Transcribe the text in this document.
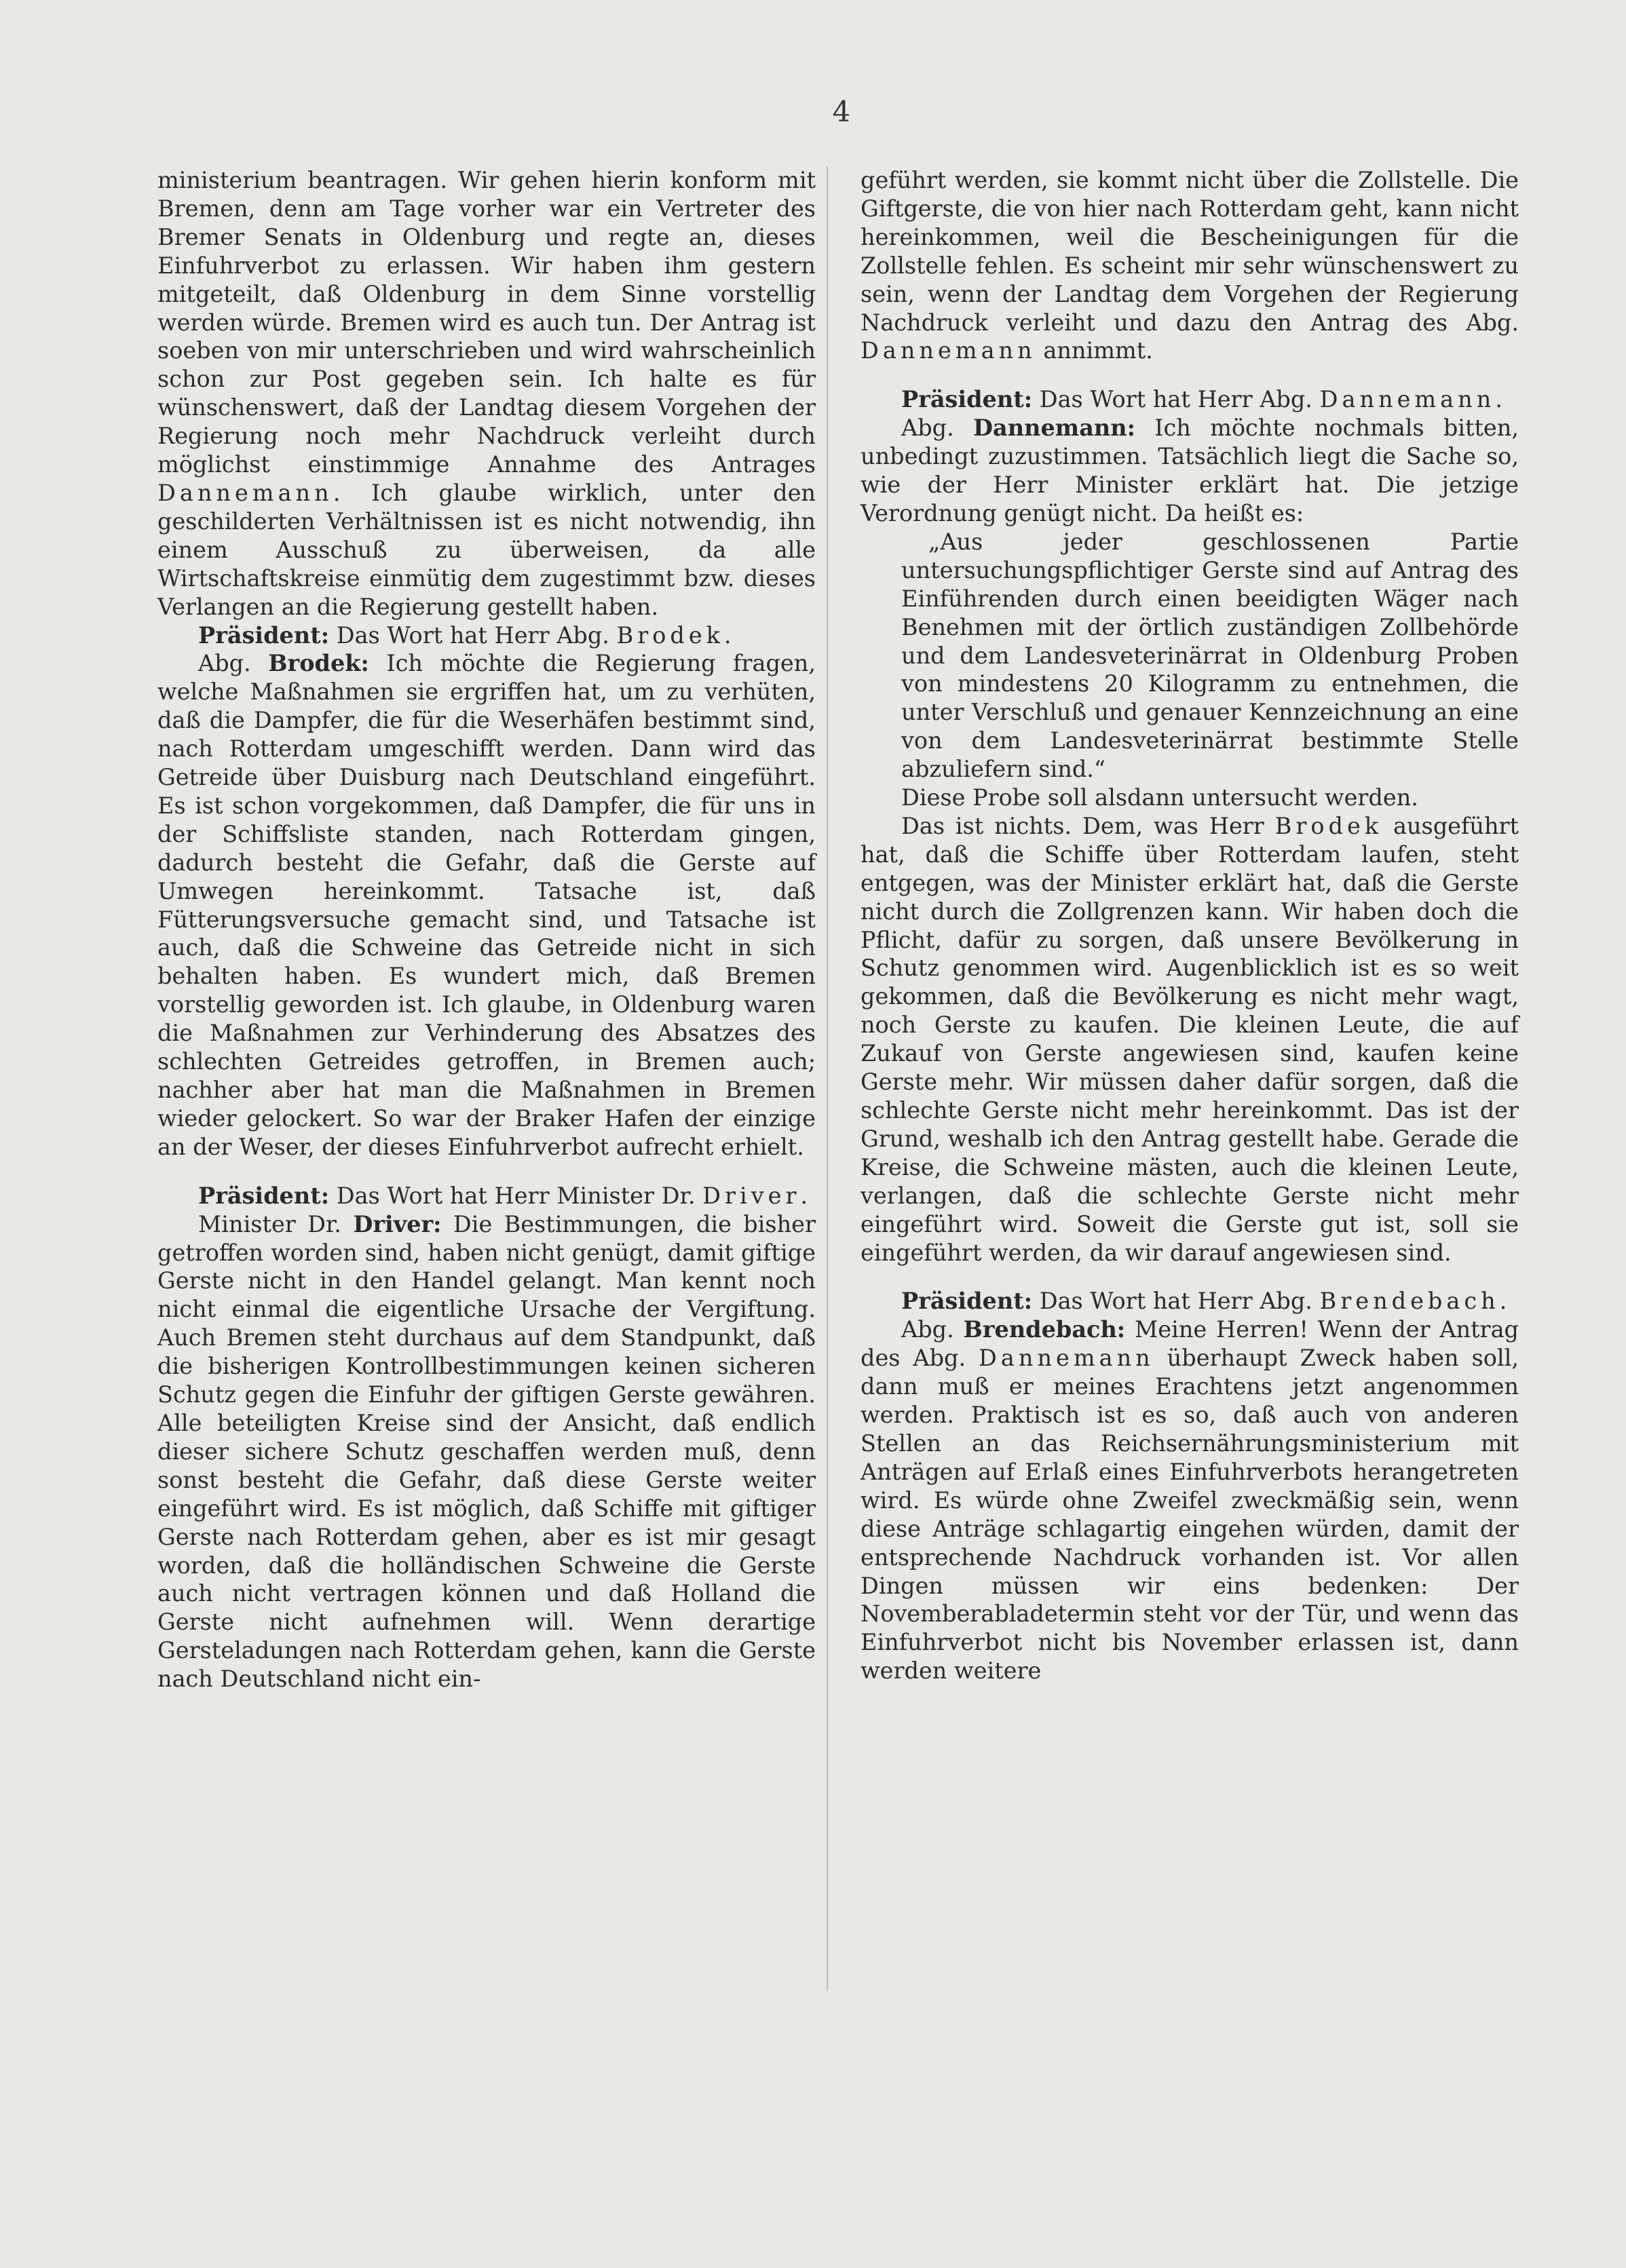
4

ministerium beantragen. Wir gehen hierin konform mit Bremen, denn am Tage vorher war ein Vertreter des Bremer Senats in Oldenburg und regte an, dieses Einfuhrverbot zu erlassen. Wir haben ihm gestern mitgeteilt, daß Oldenburg in dem Sinne vorstellig werden würde. Bremen wird es auch tun. Der Antrag ist soeben von mir unterschrieben und wird wahrscheinlich schon zur Post gegeben sein. Ich halte es für wünschenswert, daß der Landtag diesem Vorgehen der Regierung noch mehr Nachdruck verleiht durch möglichst einstimmige Annahme des Antrages Dannemann. Ich glaube wirklich, unter den geschilderten Verhältnissen ist es nicht notwendig, ihn einem Ausschuß zu überweisen, da alle Wirtschaftskreise einmütig dem zugestimmt bzw. dieses Verlangen an die Regierung gestellt haben.

Präsident: Das Wort hat Herr Abg. Brodek.

Abg. Brodek: Ich möchte die Regierung fragen, welche Maßnahmen sie ergriffen hat, um zu verhüten, daß die Dampfer, die für die Weserhäfen bestimmt sind, nach Rotterdam umgeschifft werden. Dann wird das Getreide über Duisburg nach Deutschland eingeführt. Es ist schon vorgekommen, daß Dampfer, die für uns in der Schiffsliste standen, nach Rotterdam gingen, dadurch besteht die Gefahr, daß die Gerste auf Umwegen hereinkommt. Tatsache ist, daß Fütterungsversuche gemacht sind, und Tatsache ist auch, daß die Schweine das Getreide nicht in sich behalten haben. Es wundert mich, daß Bremen vorstellig geworden ist. Ich glaube, in Oldenburg waren die Maßnahmen zur Verhinderung des Absatzes des schlechten Getreides getroffen, in Bremen auch; nachher aber hat man die Maßnahmen in Bremen wieder gelockert. So war der Braker Hafen der einzige an der Weser, der dieses Einfuhrverbot aufrecht erhielt.

Präsident: Das Wort hat Herr Minister Dr. Driver.

Minister Dr. Driver: Die Bestimmungen, die bisher getroffen worden sind, haben nicht genügt, damit giftige Gerste nicht in den Handel gelangt. Man kennt noch nicht einmal die eigentliche Ursache der Vergiftung. Auch Bremen steht durchaus auf dem Standpunkt, daß die bisherigen Kontrollbestimmungen keinen sicheren Schutz gegen die Einfuhr der giftigen Gerste gewähren. Alle beteiligten Kreise sind der Ansicht, daß endlich dieser sichere Schutz geschaffen werden muß, denn sonst besteht die Gefahr, daß diese Gerste weiter eingeführt wird. Es ist möglich, daß Schiffe mit giftiger Gerste nach Rotterdam gehen, aber es ist mir gesagt worden, daß die holländischen Schweine die Gerste auch nicht vertragen können und daß Holland die Gerste nicht aufnehmen will. Wenn derartige Gersteladungen nach Rotterdam gehen, kann die Gerste nach Deutschland nicht ein-

geführt werden, sie kommt nicht über die Zollstelle. Die Giftgerste, die von hier nach Rotterdam geht, kann nicht hereinkommen, weil die Bescheinigungen für die Zollstelle fehlen. Es scheint mir sehr wünschenswert zu sein, wenn der Landtag dem Vorgehen der Regierung Nachdruck verleiht und dazu den Antrag des Abg. Dannemann annimmt.

Präsident: Das Wort hat Herr Abg. Dannemann.

Abg. Dannemann: Ich möchte nochmals bitten, unbedingt zuzustimmen. Tatsächlich liegt die Sache so, wie der Herr Minister erklärt hat. Die jetzige Verordnung genügt nicht. Da heißt es:

„Aus jeder geschlossenen Partie untersuchungspflichtiger Gerste sind auf Antrag des Einführenden durch einen beeidigten Wäger nach Benehmen mit der örtlich zuständigen Zollbehörde und dem Landesveterinärrat in Oldenburg Proben von mindestens 20 Kilogramm zu entnehmen, die unter Verschluß und genauer Kennzeichnung an eine von dem Landesveterinärrat bestimmte Stelle abzuliefern sind.“

Diese Probe soll alsdann untersucht werden.

Das ist nichts. Dem, was Herr Brodek ausgeführt hat, daß die Schiffe über Rotterdam laufen, steht entgegen, was der Minister erklärt hat, daß die Gerste nicht durch die Zollgrenzen kann. Wir haben doch die Pflicht, dafür zu sorgen, daß unsere Bevölkerung in Schutz genommen wird. Augenblicklich ist es so weit gekommen, daß die Bevölkerung es nicht mehr wagt, noch Gerste zu kaufen. Die kleinen Leute, die auf Zukauf von Gerste angewiesen sind, kaufen keine Gerste mehr. Wir müssen daher dafür sorgen, daß die schlechte Gerste nicht mehr hereinkommt. Das ist der Grund, weshalb ich den Antrag gestellt habe. Gerade die Kreise, die Schweine mästen, auch die kleinen Leute, verlangen, daß die schlechte Gerste nicht mehr eingeführt wird. Soweit die Gerste gut ist, soll sie eingeführt werden, da wir darauf angewiesen sind.

Präsident: Das Wort hat Herr Abg. Brendebach.

Abg. Brendebach: Meine Herren! Wenn der Antrag des Abg. Dannemann überhaupt Zweck haben soll, dann muß er meines Erachtens jetzt angenommen werden. Praktisch ist es so, daß auch von anderen Stellen an das Reichsernährungsministerium mit Anträgen auf Erlaß eines Einfuhrverbots herangetreten wird. Es würde ohne Zweifel zweckmäßig sein, wenn diese Anträge schlagartig eingehen würden, damit der entsprechende Nachdruck vorhanden ist. Vor allen Dingen müssen wir eins bedenken: Der Novemberabladetermin steht vor der Tür, und wenn das Einfuhrverbot nicht bis November erlassen ist, dann werden weitere
